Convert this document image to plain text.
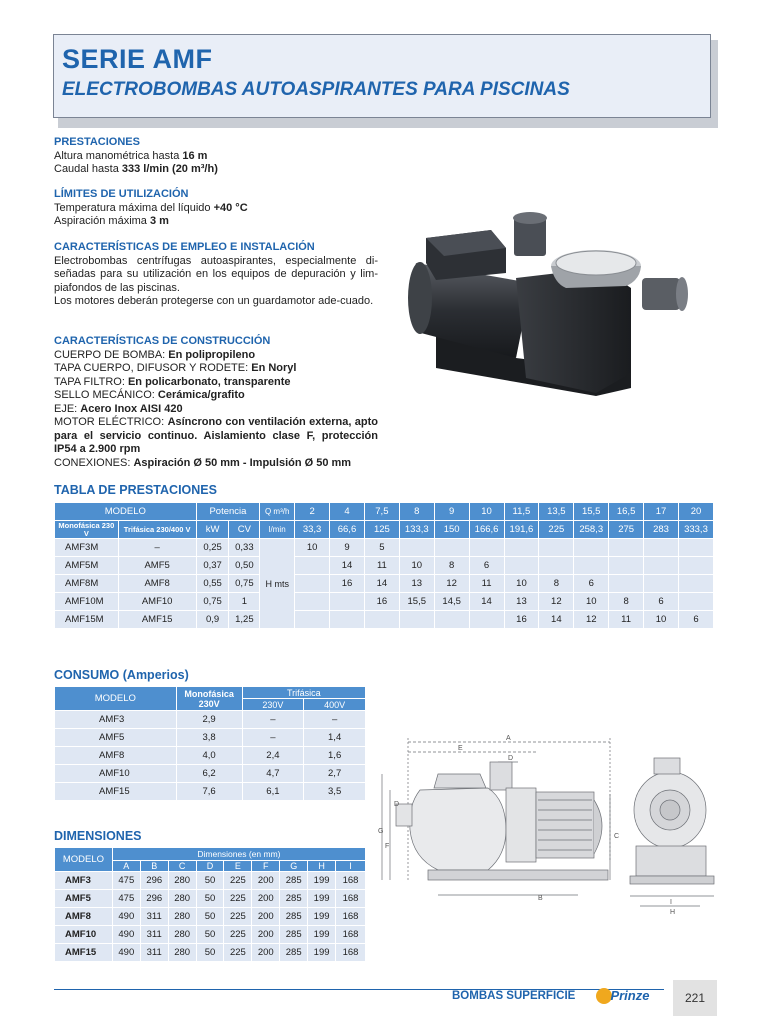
SERIE AMF
ELECTROBOMBAS AUTOASPIRANTES PARA PISCINAS
PRESTACIONES

Altura manométrica hasta 16 m

Caudal hasta 333 l/min (20 m³/h)

LÍMITES DE UTILIZACIÓN

Temperatura máxima del líquido +40 °C

Aspiración máxima 3 m

CARACTERÍSTICAS DE EMPLEO E INSTALACIÓN

Electrobombas centrífugas autoaspirantes, especialmente di-señadas para su utilización en los equipos de depuración y lim-piafondos de las piscinas.

Los motores deberán protegerse con un guardamotor ade-cuado.

CARACTERÍSTICAS DE CONSTRUCCIÓN

CUERPO DE BOMBA: En polipropileno

TAPA CUERPO, DIFUSOR Y RODETE: En Noryl

TAPA FILTRO: En policarbonato, transparente

SELLO MECÁNICO: Cerámica/grafito

EJE: Acero Inox AISI 420

MOTOR ELÉCTRICO: Asíncrono con ventilación externa, apto para el servicio continuo. Aislamiento clase F, protección IP54 a 2.900 rpm

CONEXIONES: Aspiración Ø 50 mm - Impulsión Ø 50 mm

TABLA DE PRESTACIONES
MODELO		Potencia		Q m³/h	2	4	7,5	8	9	10	11,5	13,5	15,5	16,5	17	20
Monofásica 230 V	Trifásica 230/400 V	kW	CV	l/min	33,3	66,6	125	133,3	150	166,6	191,6	225	258,3	275	283	333,3
AMF3M	–	0,25	0,33	H mts	10	9	5									
AMF5M	AMF5	0,37	0,50			14	11	10	8	6						
AMF8M	AMF8	0,55	0,75			16	14	13	12	11	10	8	6			
AMF10M	AMF10	0,75	1				16	15,5	14,5	14	13	12	10	8	6	
AMF15M	AMF15	0,9	1,25								16	14	12	11	10	6
CONSUMO (Amperios)
MODELO	Monofásica 230V	Trifásica	
		230V	400V
AMF3	2,9	–	–
AMF5	3,8	–	1,4
AMF8	4,0	2,4	1,6
AMF10	6,2	4,7	2,7
AMF15	7,6	6,1	3,5
DIMENSIONES
MODELO	Dimensiones (en mm)								
	A	B	C	D	E	F	G	H	I
AMF3	475	296	280	50	225	200	285	199	168
AMF5	475	296	280	50	225	200	285	199	168
AMF8	490	311	280	50	225	200	285	199	168
AMF10	490	311	280	50	225	200	285	199	168
AMF15	490	311	280	50	225	200	285	199	168
A
E
D
D
G
F
C
B
I
H
BOMBAS SUPERFICIE	Prinze	221
